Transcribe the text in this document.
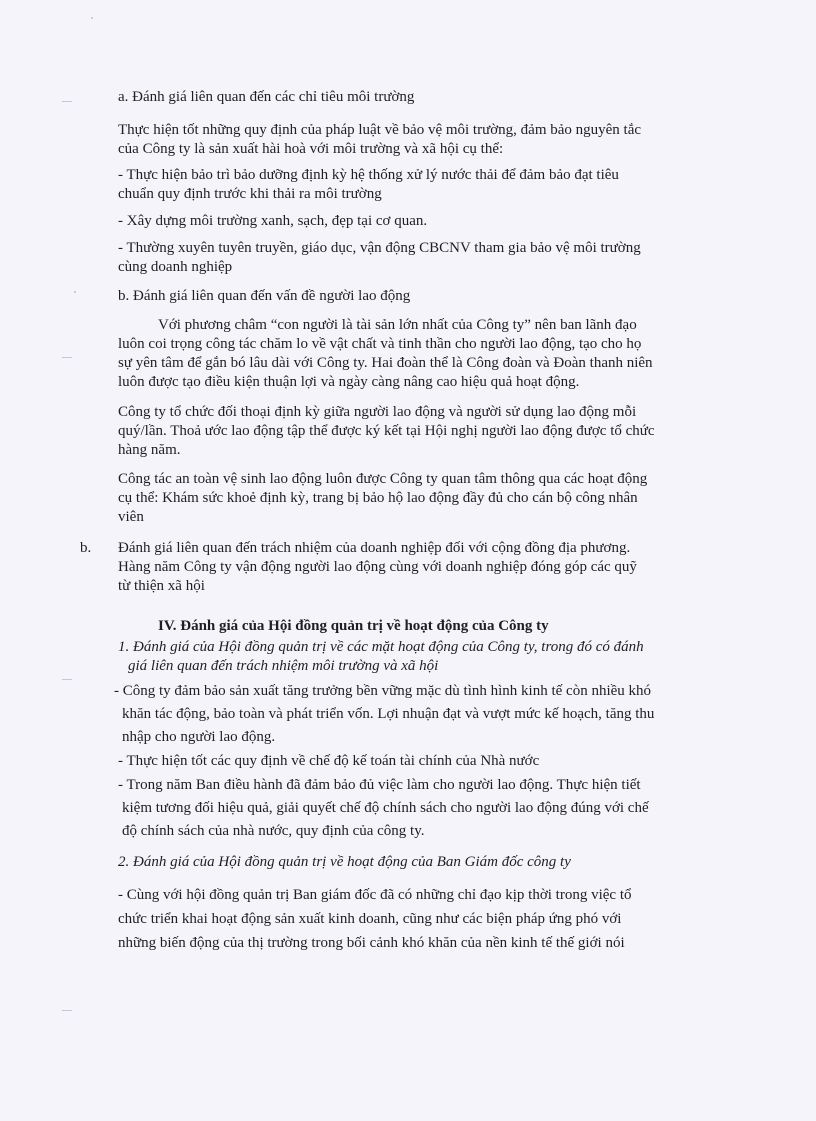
a. Đánh giá liên quan đến các chỉ tiêu môi trường

Thực hiện tốt những quy định của pháp luật về bảo vệ môi trường, đảm bảo nguyên tắc

của Công ty là sản xuất hài hoà với môi trường và xã hội cụ thể:

- Thực hiện bảo trì bảo dưỡng định kỳ hệ thống xử lý nước thải để đảm bảo đạt tiêu

chuẩn quy định trước khi thải ra môi trường

- Xây dựng môi trường xanh, sạch, đẹp tại cơ quan.

- Thường xuyên tuyên truyền, giáo dục, vận động CBCNV tham gia bảo vệ môi trường

cùng doanh nghiệp

b. Đánh giá liên quan đến vấn đề người lao động

Với phương châm “con người là tài sản lớn nhất của Công ty” nên ban lãnh đạo

luôn coi trọng công tác chăm lo về vật chất và tinh thần cho người lao động, tạo cho họ

sự yên tâm để gắn bó lâu dài với Công ty. Hai đoàn thể là Công đoàn và Đoàn thanh niên

luôn được tạo điều kiện thuận lợi và ngày càng nâng cao hiệu quả hoạt động.

Công ty tổ chức đối thoại định kỳ giữa người lao động và người sử dụng lao động mỗi

quý/lần. Thoả ước lao động tập thể được ký kết tại Hội nghị người lao động được tổ chức

hàng năm.

Công tác an toàn vệ sinh lao động luôn được Công ty quan tâm thông qua các hoạt động

cụ thể: Khám sức khoẻ định kỳ, trang bị bảo hộ lao động đầy đủ cho cán bộ công nhân

viên

b. Đánh giá liên quan đến trách nhiệm của doanh nghiệp đối với cộng đồng địa phương.

Hàng năm Công ty vận động người lao động cùng với doanh nghiệp đóng góp các quỹ

từ thiện xã hội

IV. Đánh giá của Hội đồng quản trị về hoạt động của Công ty

1. Đánh giá của Hội đồng quản trị về các mặt hoạt động của Công ty, trong đó có đánh

giá liên quan đến trách nhiệm môi trường và xã hội

- Công ty đảm bảo sản xuất tăng trưởng bền vững mặc dù tình hình kinh tế còn nhiều khó

khăn tác động, bảo toàn và phát triển vốn. Lợi nhuận đạt và vượt mức kế hoạch, tăng thu

nhập cho người lao động.

- Thực hiện tốt các quy định về chế độ kế toán tài chính của Nhà nước

- Trong năm Ban điều hành đã đảm bảo đủ việc làm cho người lao động. Thực hiện tiết

kiệm tương đối hiệu quả, giải quyết chế độ chính sách cho người lao động đúng với chế

độ chính sách của nhà nước, quy định của công ty.

2. Đánh giá của Hội đồng quản trị về hoạt động của Ban Giám đốc công ty

- Cùng với hội đồng quản trị Ban giám đốc đã có những chỉ đạo kịp thời trong việc tổ

chức triển khai hoạt động sản xuất kinh doanh, cũng như các biện pháp ứng phó với

những biến động của thị trường trong bối cảnh khó khăn của nền kinh tế thế giới nói
